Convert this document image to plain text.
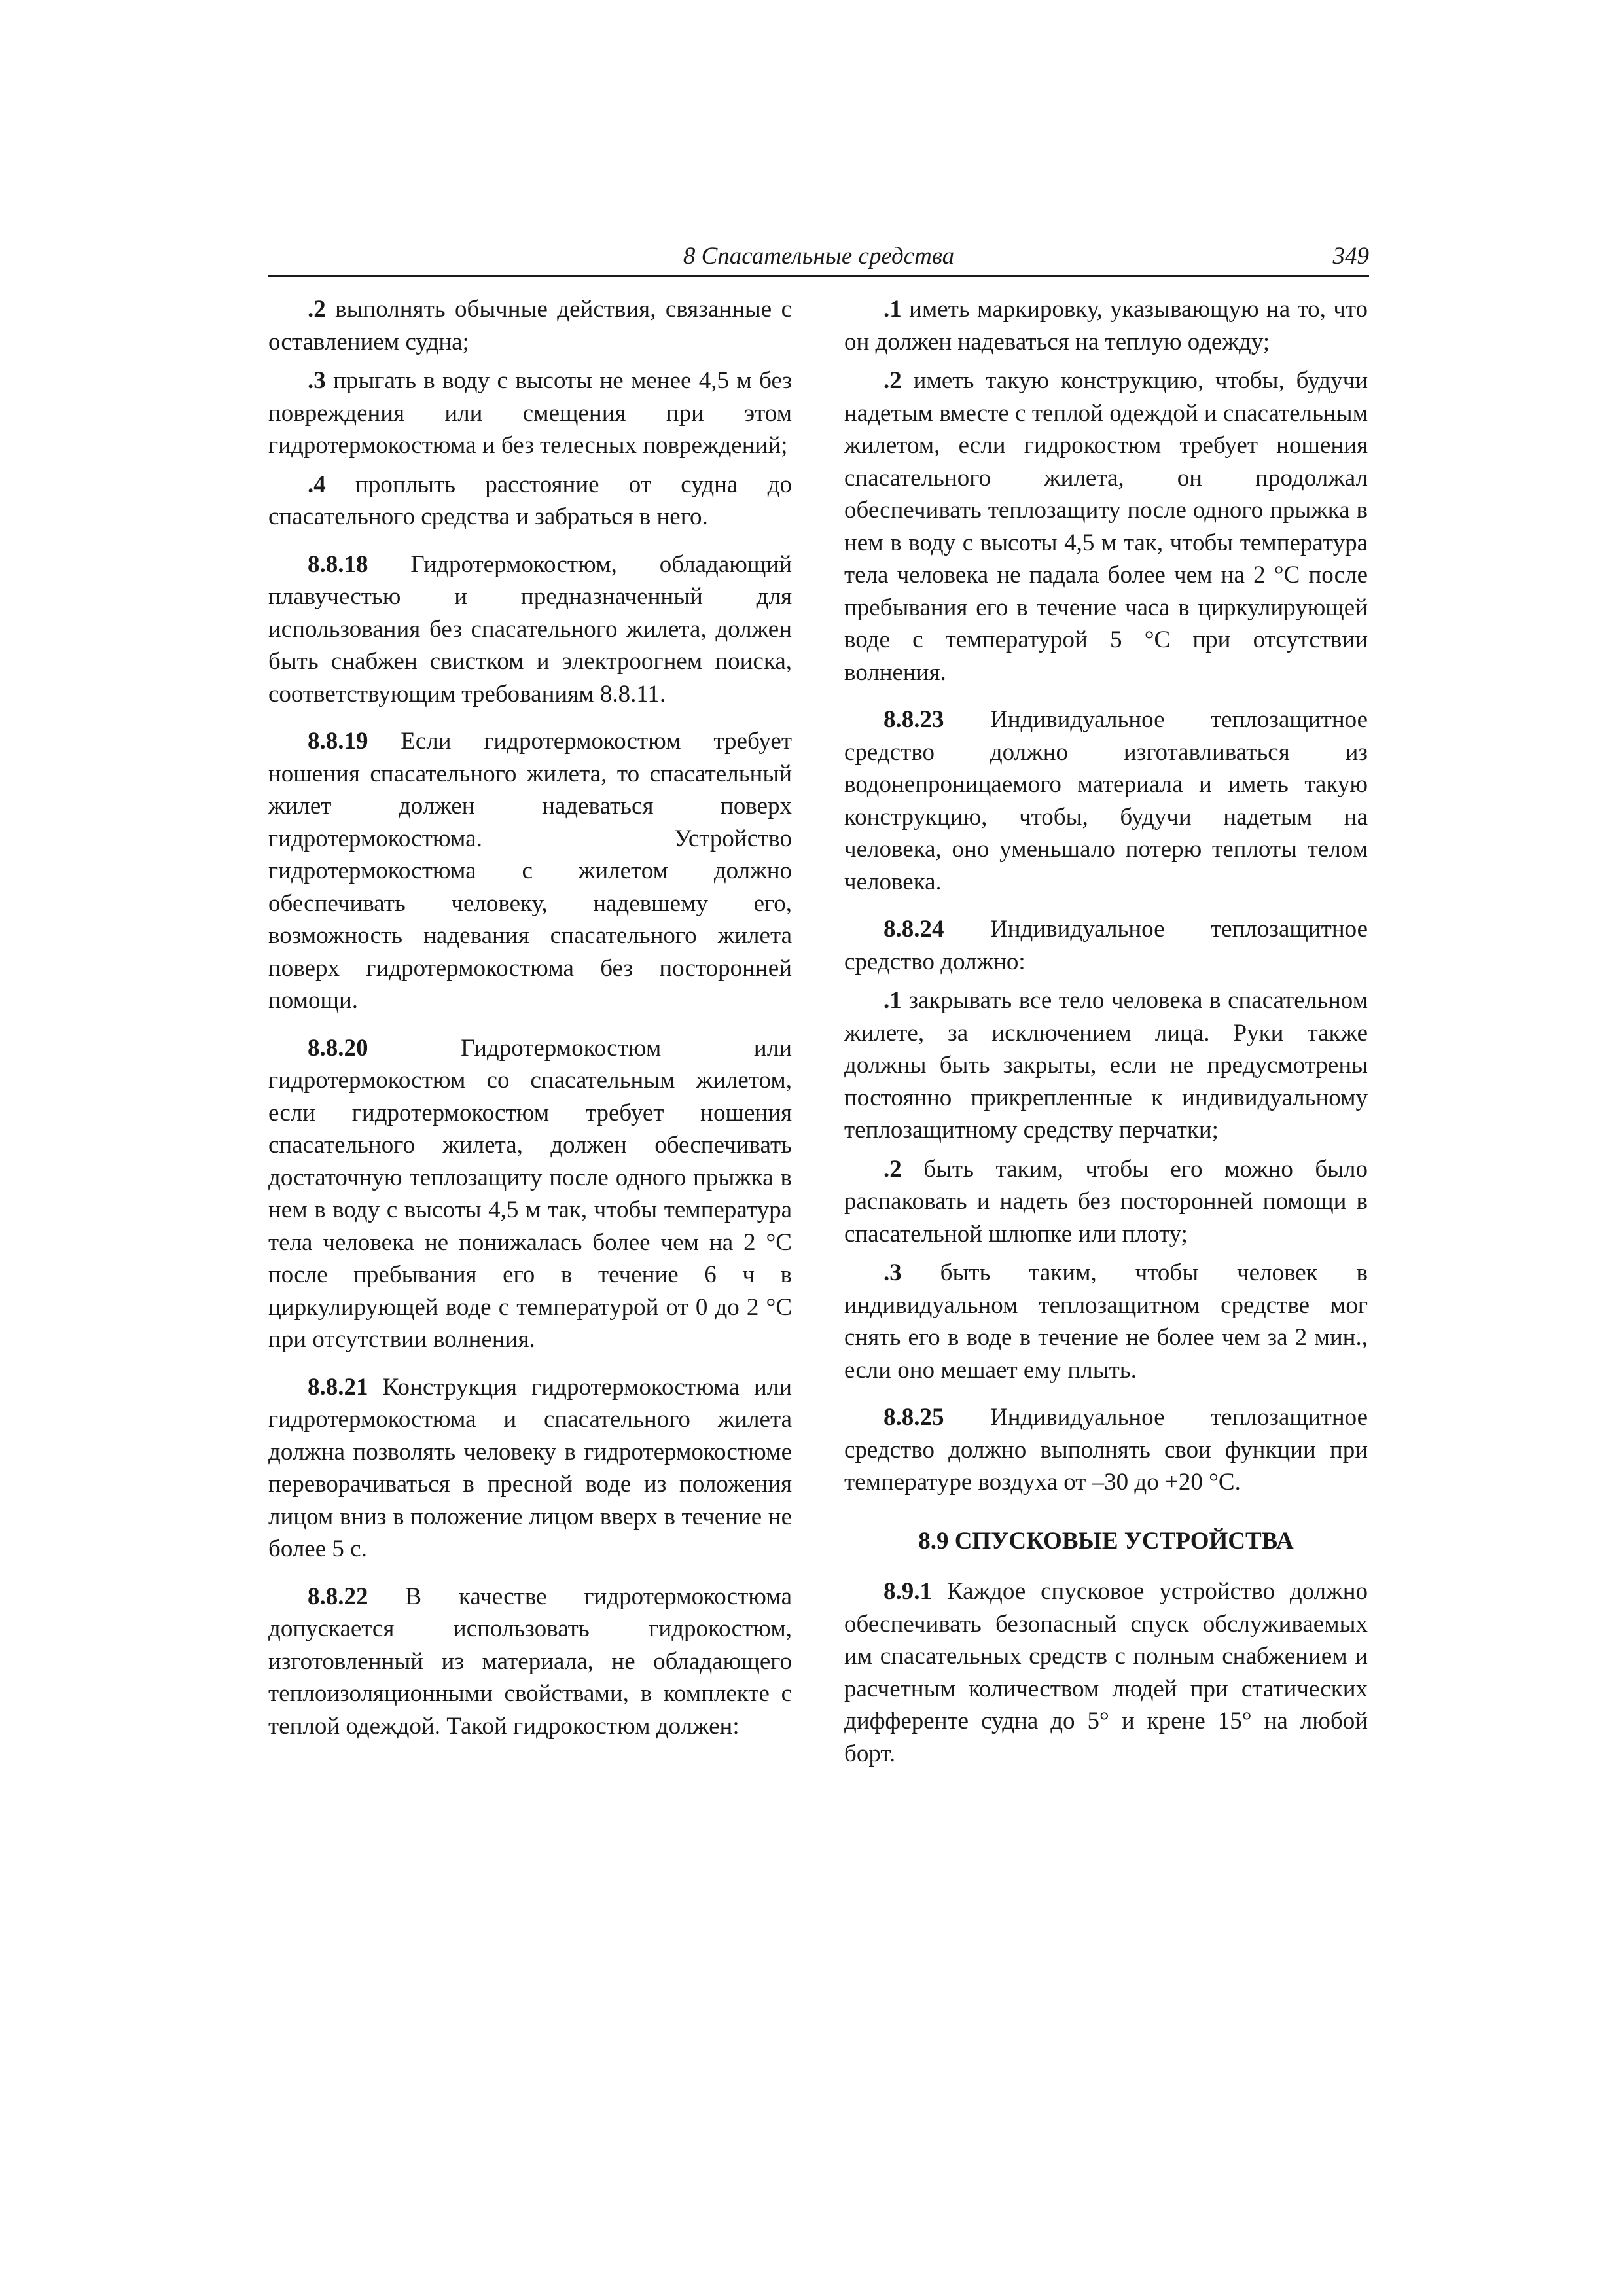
8 Спасательные средства	349

.2 выполнять обычные действия, связанные с оставлением судна;

.3 прыгать в воду с высоты не менее 4,5 м без повреждения или смещения при этом гидротермокостюма и без телесных повреждений;

.4 проплыть расстояние от судна до спасательного средства и забраться в него.

8.8.18 Гидротермокостюм, обладающий плавучестью и предназначенный для использования без спасательного жилета, должен быть снабжен свистком и электроогнем поиска, соответствующим требованиям 8.8.11.

8.8.19 Если гидротермокостюм требует ношения спасательного жилета, то спасательный жилет должен надеваться поверх гидротермокостюма. Устройство гидротермокостюма с жилетом должно обеспечивать человеку, надевшему его, возможность надевания спасательного жилета поверх гидротермокостюма без посторонней помощи.

8.8.20	Гидротермокостюм или гидротермокостюм со спасательным жилетом, если гидротермокостюм требует ношения спасательного жилета, должен обеспечивать достаточную теплозащиту после одного прыжка в нем в воду с высоты 4,5 м так, чтобы температура тела человека не понижалась более чем на 2 °С после пребывания его в течение 6 ч в циркулирующей воде с температурой от 0 до 2 °С при отсутствии волнения.

8.8.21 Конструкция гидротермокостюма или гидротермокостюма и спасательного жилета должна позволять человеку в гидротермокостюме переворачиваться в пресной воде из положения лицом вниз в положение лицом вверх в течение не более 5 с.

8.8.22 В качестве гидротермокостюма допускается использовать гидрокостюм, изготовленный из материала, не обладающего теплоизоляционными свойствами, в комплекте с теплой одеждой. Такой гидрокостюм должен:

.1 иметь маркировку, указывающую на то, что он должен надеваться на теплую одежду;

.2 иметь такую конструкцию, чтобы, будучи надетым вместе с теплой одеждой и спасательным жилетом, если гидрокостюм требует ношения спасательного жилета, он продолжал обеспечивать теплозащиту после одного прыжка в нем в воду с высоты 4,5 м так, чтобы температура тела человека не падала более чем на 2 °С после пребывания его в течение часа в циркулирующей воде с температурой 5 °С при отсутствии волнения.

8.8.23 Индивидуальное теплозащитное средство должно изготавливаться из водонепроницаемого материала и иметь такую конструкцию, чтобы, будучи надетым на человека, оно уменьшало потерю теплоты телом человека.

8.8.24 Индивидуальное теплозащитное средство должно:

.1 закрывать все тело человека в спасательном жилете, за исключением лица. Руки также должны быть закрыты, если не предусмотрены постоянно прикрепленные к индивидуальному теплозащитному средству перчатки;

.2 быть таким, чтобы его можно было распаковать и надеть без посторонней помощи в спасательной шлюпке или плоту;

.3 быть таким, чтобы человек в индивидуальном теплозащитном средстве мог снять его в воде в течение не более чем за 2 мин., если оно мешает ему плыть.

8.8.25 Индивидуальное теплозащитное средство должно выполнять свои функции при температуре воздуха от –30 до +20 °С.

8.9 СПУСКОВЫЕ УСТРОЙСТВА

8.9.1 Каждое спусковое устройство должно обеспечивать безопасный спуск обслуживаемых им спасательных средств с полным снабжением и расчетным количеством людей при статических дифференте судна до 5° и крене 15° на любой борт.
